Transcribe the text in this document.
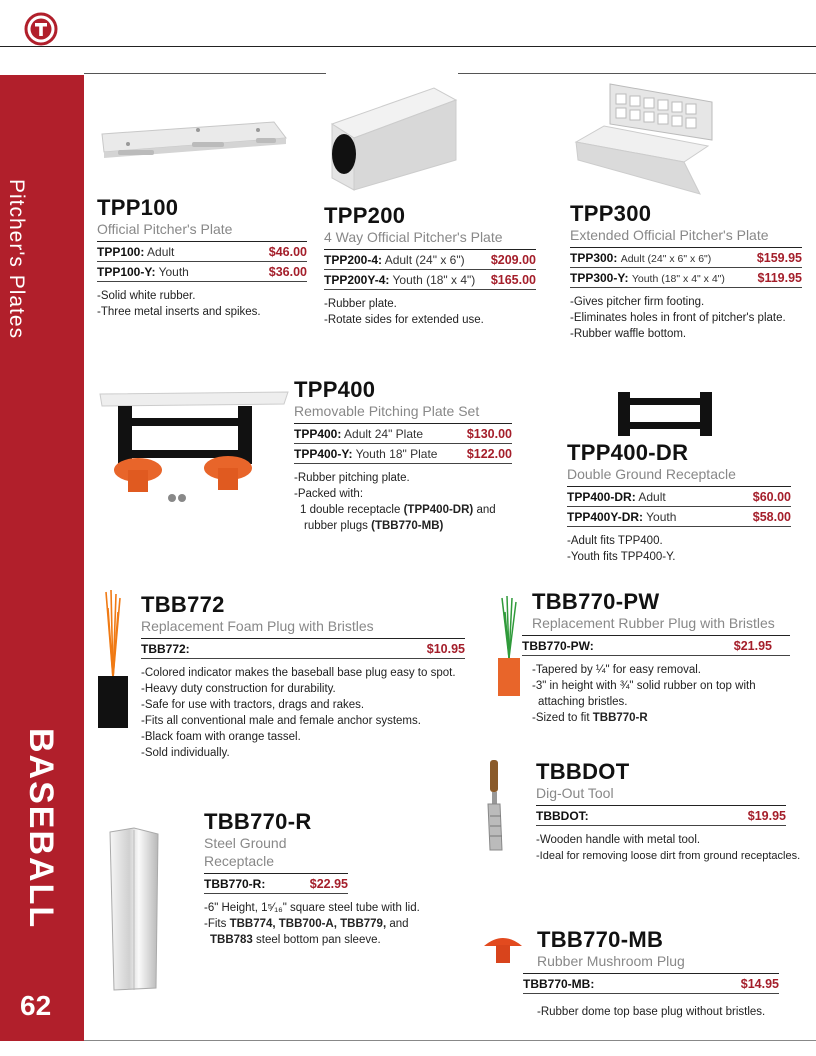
Pitcher's Plates
BASEBALL
62
TPP100
Official Pitcher's Plate
TPP100: Adult	$46.00
TPP100-Y: Youth	$36.00
-Solid white rubber.
-Three metal inserts and spikes.
TPP200
4 Way Official Pitcher's Plate
TPP200-4: Adult (24" x 6") $209.00
TPP200Y-4: Youth (18" x 4") $165.00
-Rubber plate.
-Rotate sides for extended use.
TPP300
Extended Official Pitcher's Plate
TPP300: Adult (24" x 6" x 6")	$159.95
TPP300-Y: Youth (18" x 4" x 4")	$119.95
-Gives pitcher firm footing.
-Eliminates holes in front of pitcher's plate.
-Rubber waffle bottom.
TPP400
Removable Pitching Plate Set
TPP400: Adult 24" Plate	$130.00
TPP400-Y: Youth 18" Plate $122.00
-Rubber pitching plate.
-Packed with:
1 double receptacle (TPP400-DR) and
rubber plugs (TBB770-MB)
TPP400-DR
Double Ground Receptacle
TPP400-DR: Adult	$60.00
TPP400Y-DR: Youth	$58.00
-Adult fits TPP400.
-Youth fits TPP400-Y.
TBB772
Replacement Foam Plug with Bristles
TBB772:	$10.95
-Colored indicator makes the baseball base plug easy to spot.
-Heavy duty construction for durability.
-Safe for use with tractors, drags and rakes.
-Fits all conventional male and female anchor systems.
-Black foam with orange tassel.
-Sold individually.
TBB770-PW
Replacement Rubber Plug with Bristles
TBB770-PW:	$21.95
-Tapered by ¼" for easy removal.
-3" in height with ¾" solid rubber on top with
attaching bristles.
-Sized to fit TBB770-R
TBBDOT
Dig-Out Tool
TBBDOT:	$19.95
-Wooden handle with metal tool.
-Ideal for removing loose dirt from ground receptacles.
TBB770-R
Steel Ground
Receptacle
TBB770-R:	$22.95
-6" Height, 1⁵⁄₁₆" square steel tube with lid.
-Fits TBB774, TBB700-A, TBB779, and
TBB783 steel bottom pan sleeve.	TBB770-MB
Rubber Mushroom Plug
TBB770-MB:	$14.95
-Rubber dome top base plug without bristles.
